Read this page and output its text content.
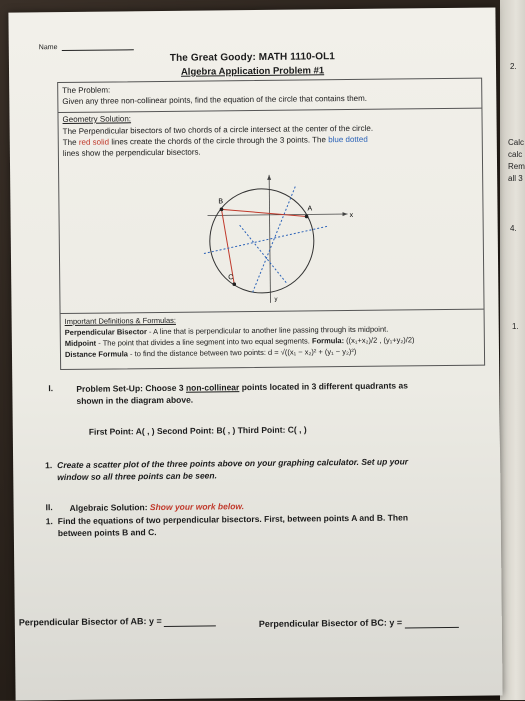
2.
Calc
calc
Rem
all 3
4.
1.
Name
The Great Goody: MATH 1110-OL1
Algebra Application Problem #1
The Problem:
Given any three non-collinear points, find the equation of the circle that contains them.
Geometry Solution:
The Perpendicular bisectors of two chords of a circle intersect at the center of the circle.
The red solid lines create the chords of the circle through the 3 points. The blue dotted
lines show the perpendicular bisectors.
B
A
C
x
y
Important Definitions & Formulas:
Perpendicular Bisector - A line that is perpendicular to another line passing through its midpoint.
Midpoint - The point that divides a line segment into two equal segments. Formula: ((x₁+x₂)/2 , (y₁+y₂)/2)
Distance Formula - to find the distance between two points: d = √((x₁ − x₂)² + (y₁ − y₂)²)
I.	Problem Set-Up: Choose 3 non-collinear points located in 3 different quadrants as
shown in the diagram above.
First Point: A( , ) Second Point: B( , ) Third Point: C( , )
1. Create a scatter plot of the three points above on your graphing calculator. Set up your
window so all three points can be seen.
II. Algebraic Solution: Show your work below.
1. Find the equations of two perpendicular bisectors. First, between points A and B. Then
between points B and C.
Perpendicular Bisector of AB: y =	Perpendicular Bisector of BC: y =
